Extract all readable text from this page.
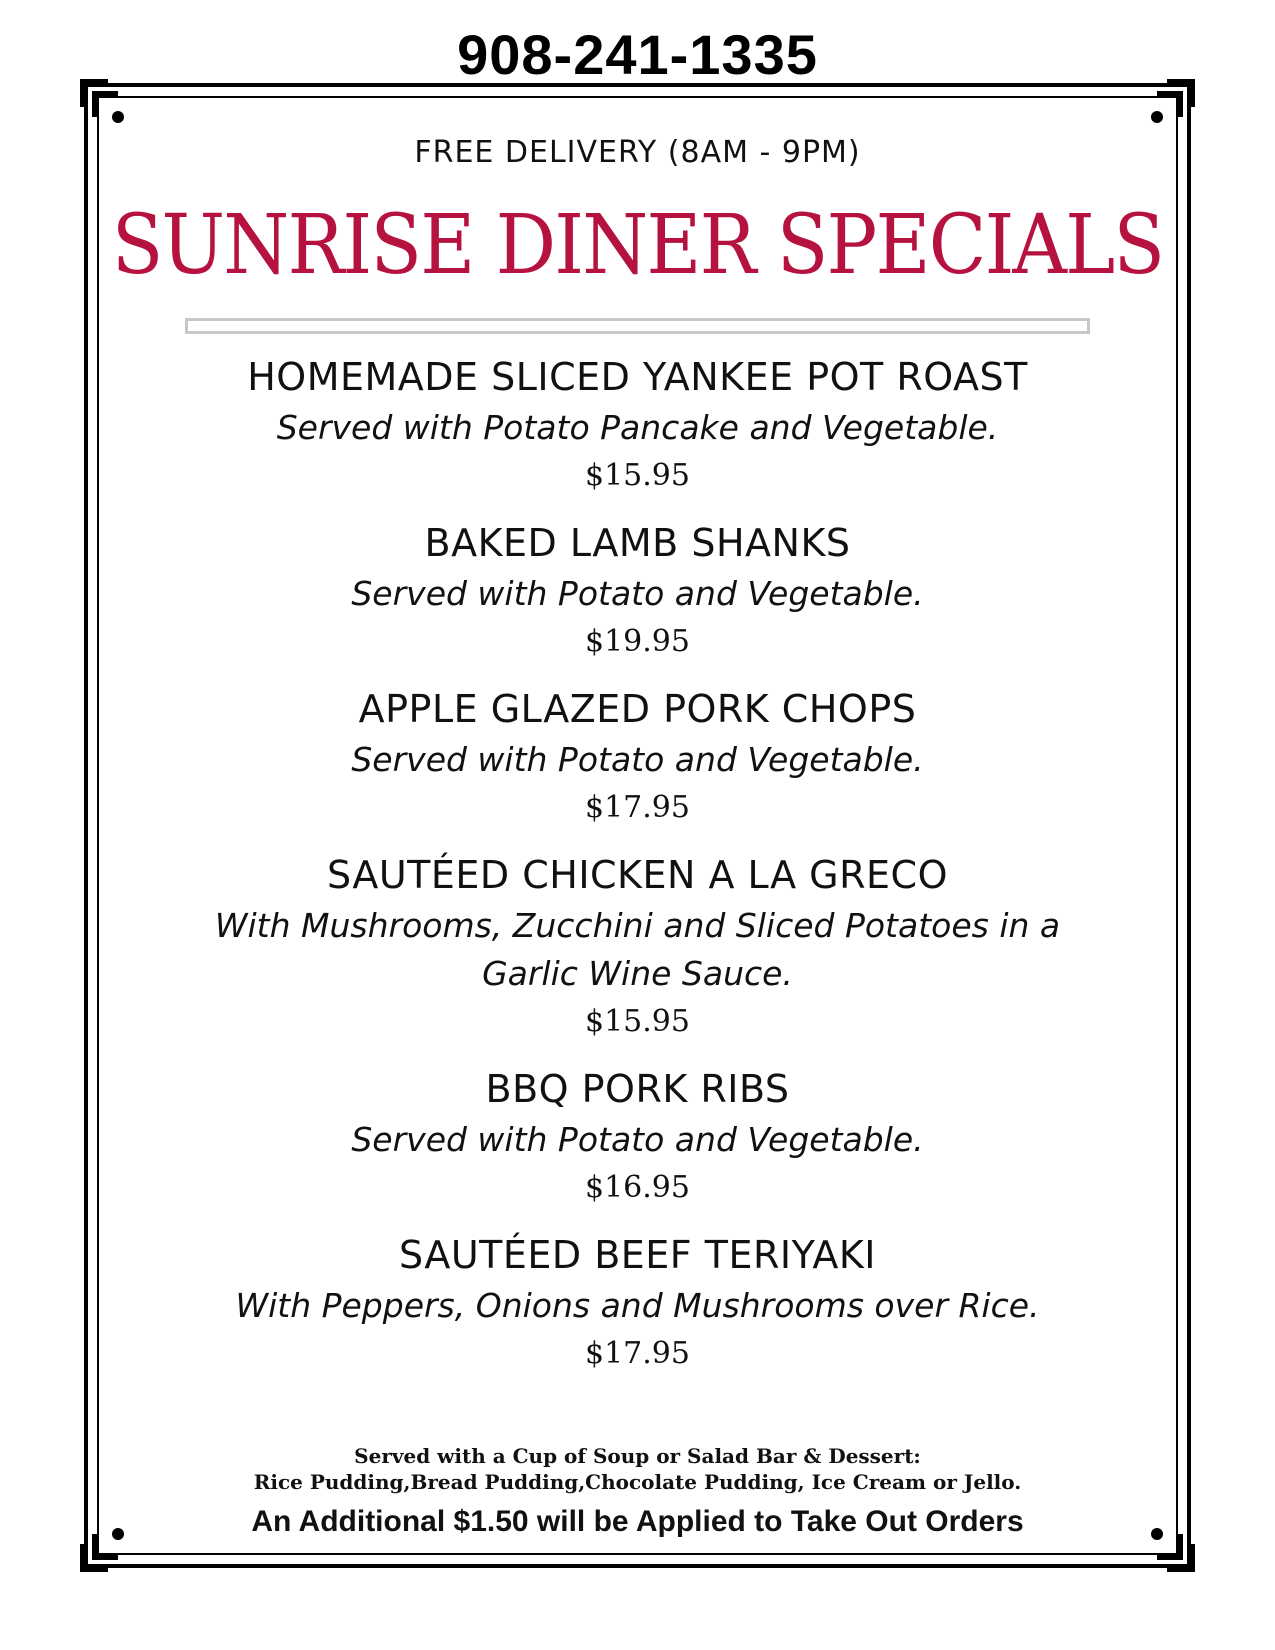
908-241-1335
FREE DELIVERY (8AM - 9PM)
SUNRISE DINER SPECIALS
HOMEMADE SLICED YANKEE POT ROAST
Served with Potato Pancake and Vegetable.
$15.95
BAKED LAMB SHANKS
Served with Potato and Vegetable.
$19.95
APPLE GLAZED PORK CHOPS
Served with Potato and Vegetable.
$17.95
SAUTÉED CHICKEN A LA GRECO
With Mushrooms, Zucchini and Sliced Potatoes in a Garlic Wine Sauce.
$15.95
BBQ PORK RIBS
Served with Potato and Vegetable.
$16.95
SAUTÉED BEEF TERIYAKI
With Peppers, Onions and Mushrooms over Rice.
$17.95
Served with a Cup of Soup or Salad Bar & Dessert:
Rice Pudding,Bread Pudding,Chocolate Pudding, Ice Cream or Jello.
An Additional $1.50 will be Applied to Take Out Orders
